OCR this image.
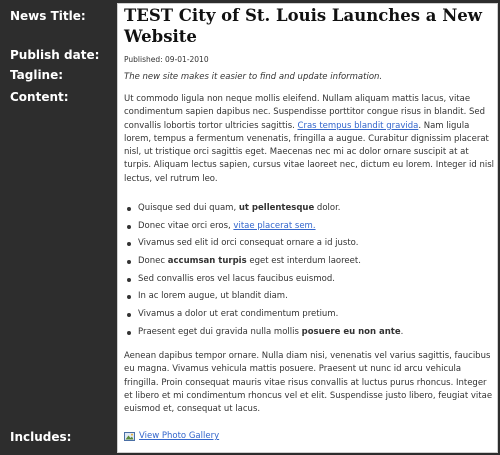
News Title:
Publish date:
Tagline:
Content:
Includes:
TEST City of St. Louis Launches a New Website
Published: 09-01-2010
The new site makes it easier to find and update information.
Ut commodo ligula non neque mollis eleifend. Nullam aliquam mattis lacus, vitae condimentum sapien dapibus nec. Suspendisse porttitor congue risus in blandit. Sed convallis lobortis tortor ultricies sagittis. Cras tempus blandit gravida. Nam ligula lorem, tempus a fermentum venenatis, fringilla a augue. Curabitur dignissim placerat nisl, ut tristique orci sagittis eget. Maecenas nec mi ac dolor ornare suscipit at at turpis. Aliquam lectus sapien, cursus vitae laoreet nec, dictum eu lorem. Integer id nisl lectus, vel rutrum leo.
Quisque sed dui quam, ut pellentesque dolor.
Donec vitae orci eros, vitae placerat sem.
Vivamus sed elit id orci consequat ornare a id justo.
Donec accumsan turpis eget est interdum laoreet.
Sed convallis eros vel lacus faucibus euismod.
In ac lorem augue, ut blandit diam.
Vivamus a dolor ut erat condimentum pretium.
Praesent eget dui gravida nulla mollis posuere eu non ante.
Aenean dapibus tempor ornare. Nulla diam nisi, venenatis vel varius sagittis, faucibus eu magna. Vivamus vehicula mattis posuere. Praesent ut nunc id arcu vehicula fringilla. Proin consequat mauris vitae risus convallis at luctus purus rhoncus. Integer et libero et mi condimentum rhoncus vel et elit. Suspendisse justo libero, feugiat vitae euismod et, consequat ut lacus.
View Photo Gallery
